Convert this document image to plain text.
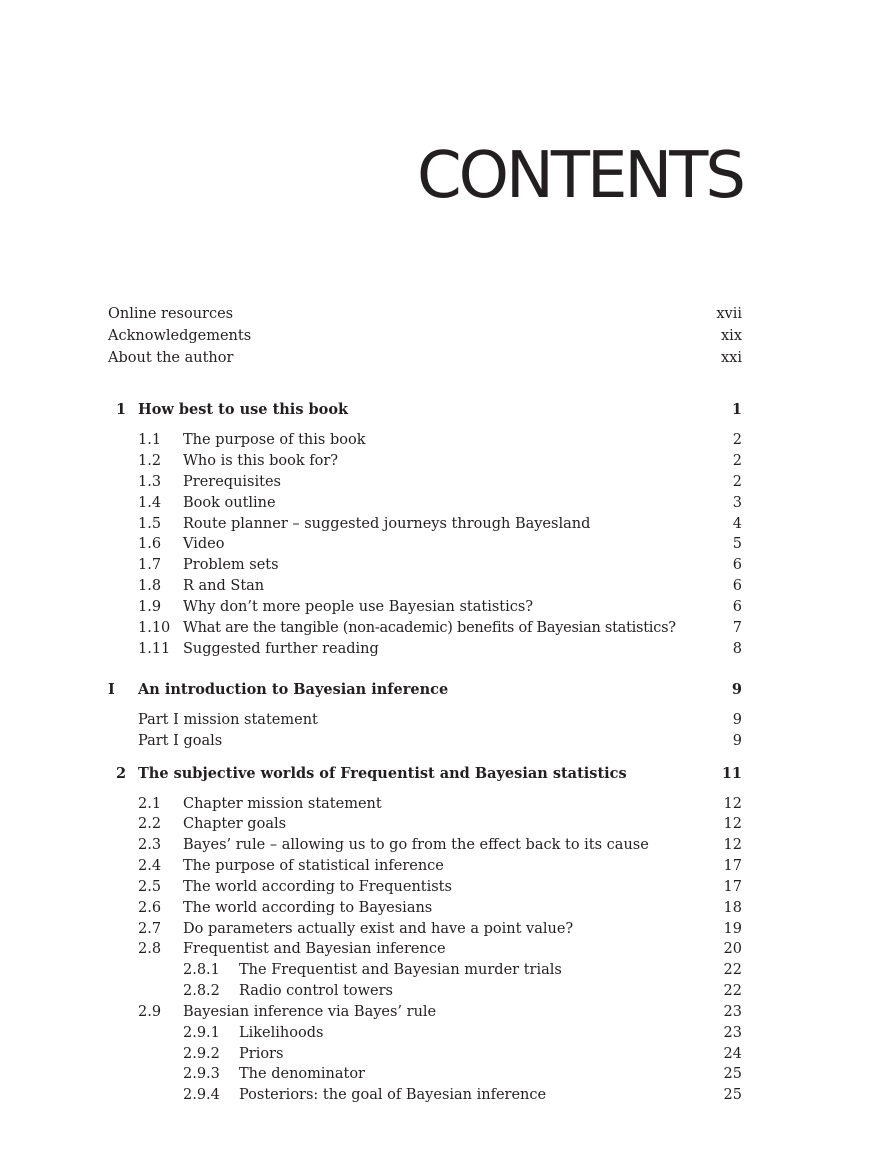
CONTENTS
Online resources	xvii
Acknowledgements	xix
About the author	xxi
1 How best to use this book	1
1.1 The purpose of this book	2
1.2 Who is this book for?	2
1.3 Prerequisites	2
1.4 Book outline	3
1.5 Route planner – suggested journeys through Bayesland	4
1.6 Video	5
1.7 Problem sets	6
1.8 R and Stan	6
1.9 Why don’t more people use Bayesian statistics?	6
1.10 What are the tangible (non-academic) benefits of Bayesian statistics?	7
1.11 Suggested further reading	8
I An introduction to Bayesian inference	9
Part I mission statement	9
Part I goals	9
2 The subjective worlds of Frequentist and Bayesian statistics	11
2.1 Chapter mission statement	12
2.2 Chapter goals	12
2.3 Bayes’ rule – allowing us to go from the effect back to its cause	12
2.4 The purpose of statistical inference	17
2.5 The world according to Frequentists	17
2.6 The world according to Bayesians	18
2.7 Do parameters actually exist and have a point value?	19
2.8 Frequentist and Bayesian inference	20
2.8.1 The Frequentist and Bayesian murder trials	22
2.8.2 Radio control towers	22
2.9 Bayesian inference via Bayes’ rule	23
2.9.1 Likelihoods	23
2.9.2 Priors	24
2.9.3 The denominator	25
2.9.4 Posteriors: the goal of Bayesian inference	25
